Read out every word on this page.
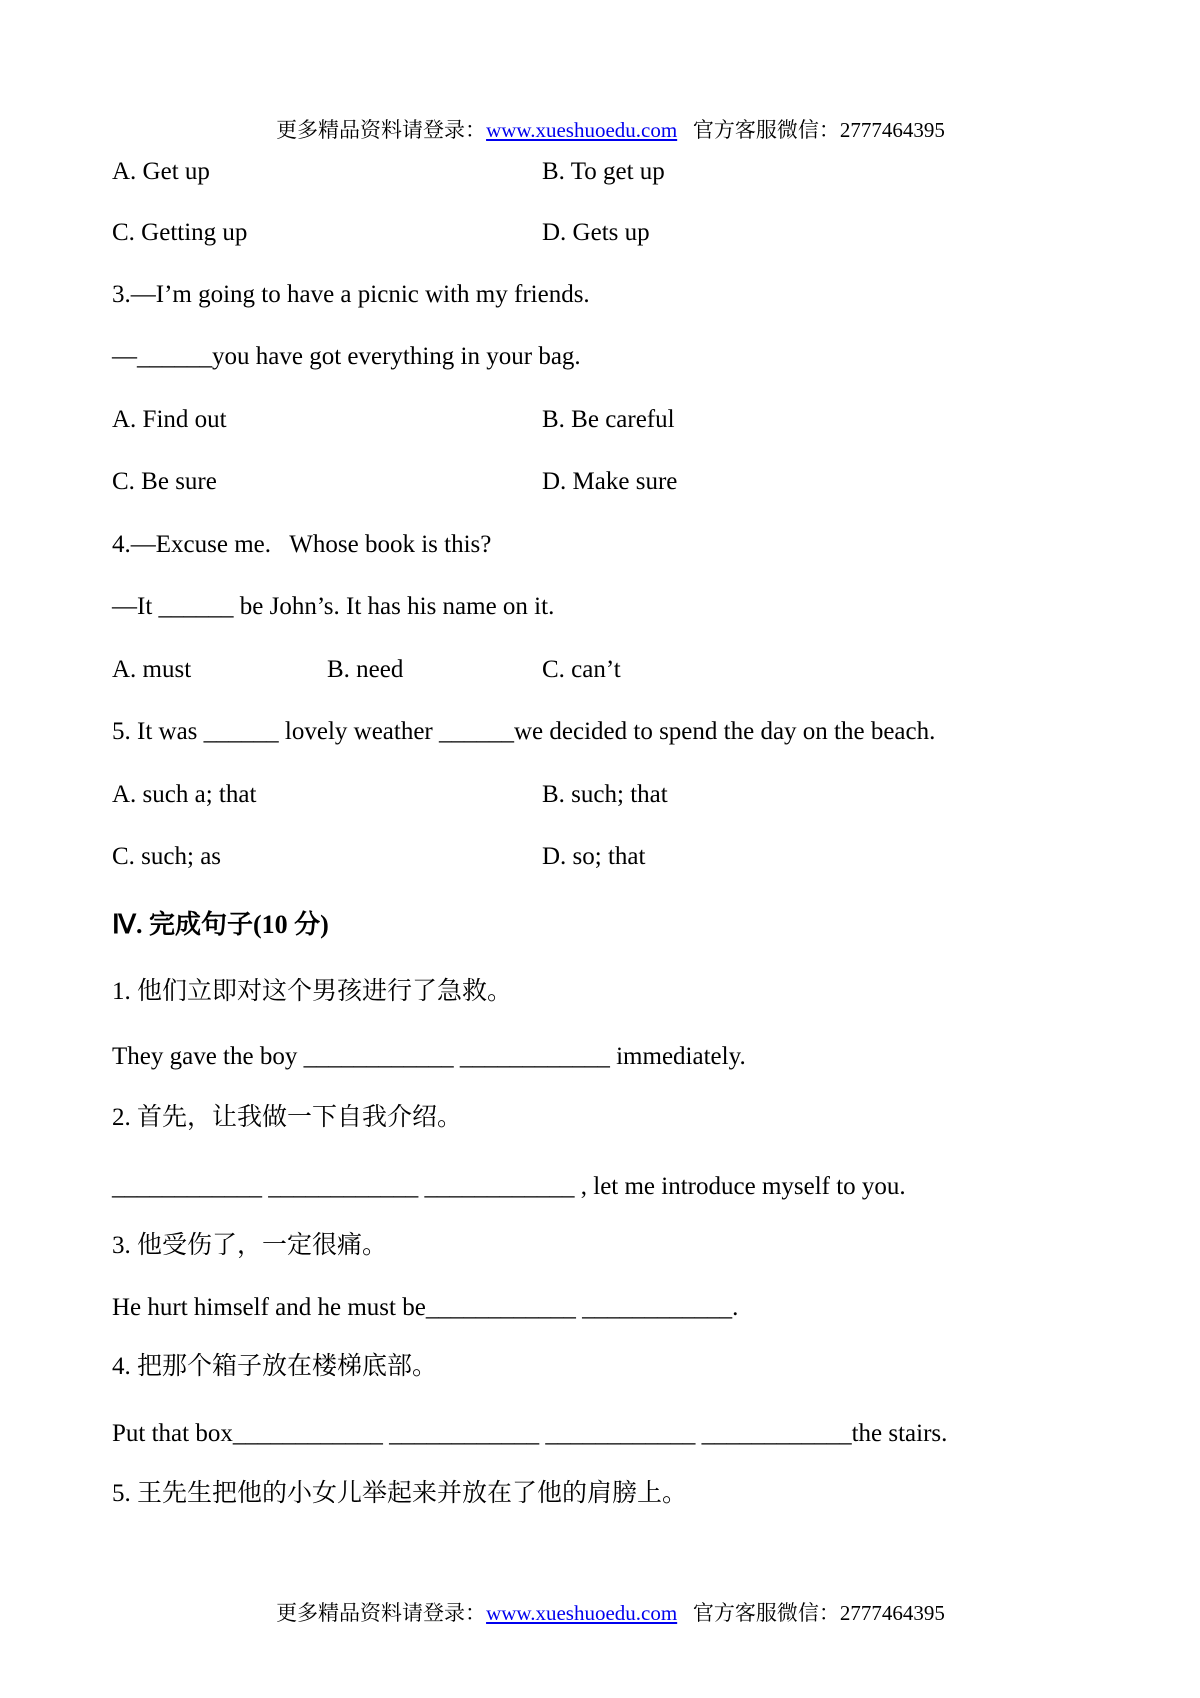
更多精品资料请登录：www.xueshuoedu.com   官方客服微信：2777464395

A. Get up

	B. To get up

C. Getting up

	D. Gets up

3.—I’m going to have a picnic with my friends.
—______you have got everything in your bag.

A. Find out

	B. Be careful

C. Be sure

	D. Make sure

4.—Excuse me.   Whose book is this?
—It ______ be John’s. It has his name on it.

A. must

	B. need

	C. can’t

5. It was ______ lovely weather ______we decided to spend the day on the beach.

A. such a; that

	B. such; that

C. such; as

	D. so; that

Ⅳ. 完成句子(10 分)
1. 他们立即对这个男孩进行了急救。
They gave the boy ____________ ____________ immediately.
2. 首先，让我做一下自我介绍。
____________ ____________ ____________ , let me introduce myself to you.
3. 他受伤了，一定很痛。
He hurt himself and he must be____________ ____________.
4. 把那个箱子放在楼梯底部。
Put that box____________ ____________ ____________ ____________the stairs.
5. 王先生把他的小女儿举起来并放在了他的肩膀上。

更多精品资料请登录：www.xueshuoedu.com   官方客服微信：2777464395
